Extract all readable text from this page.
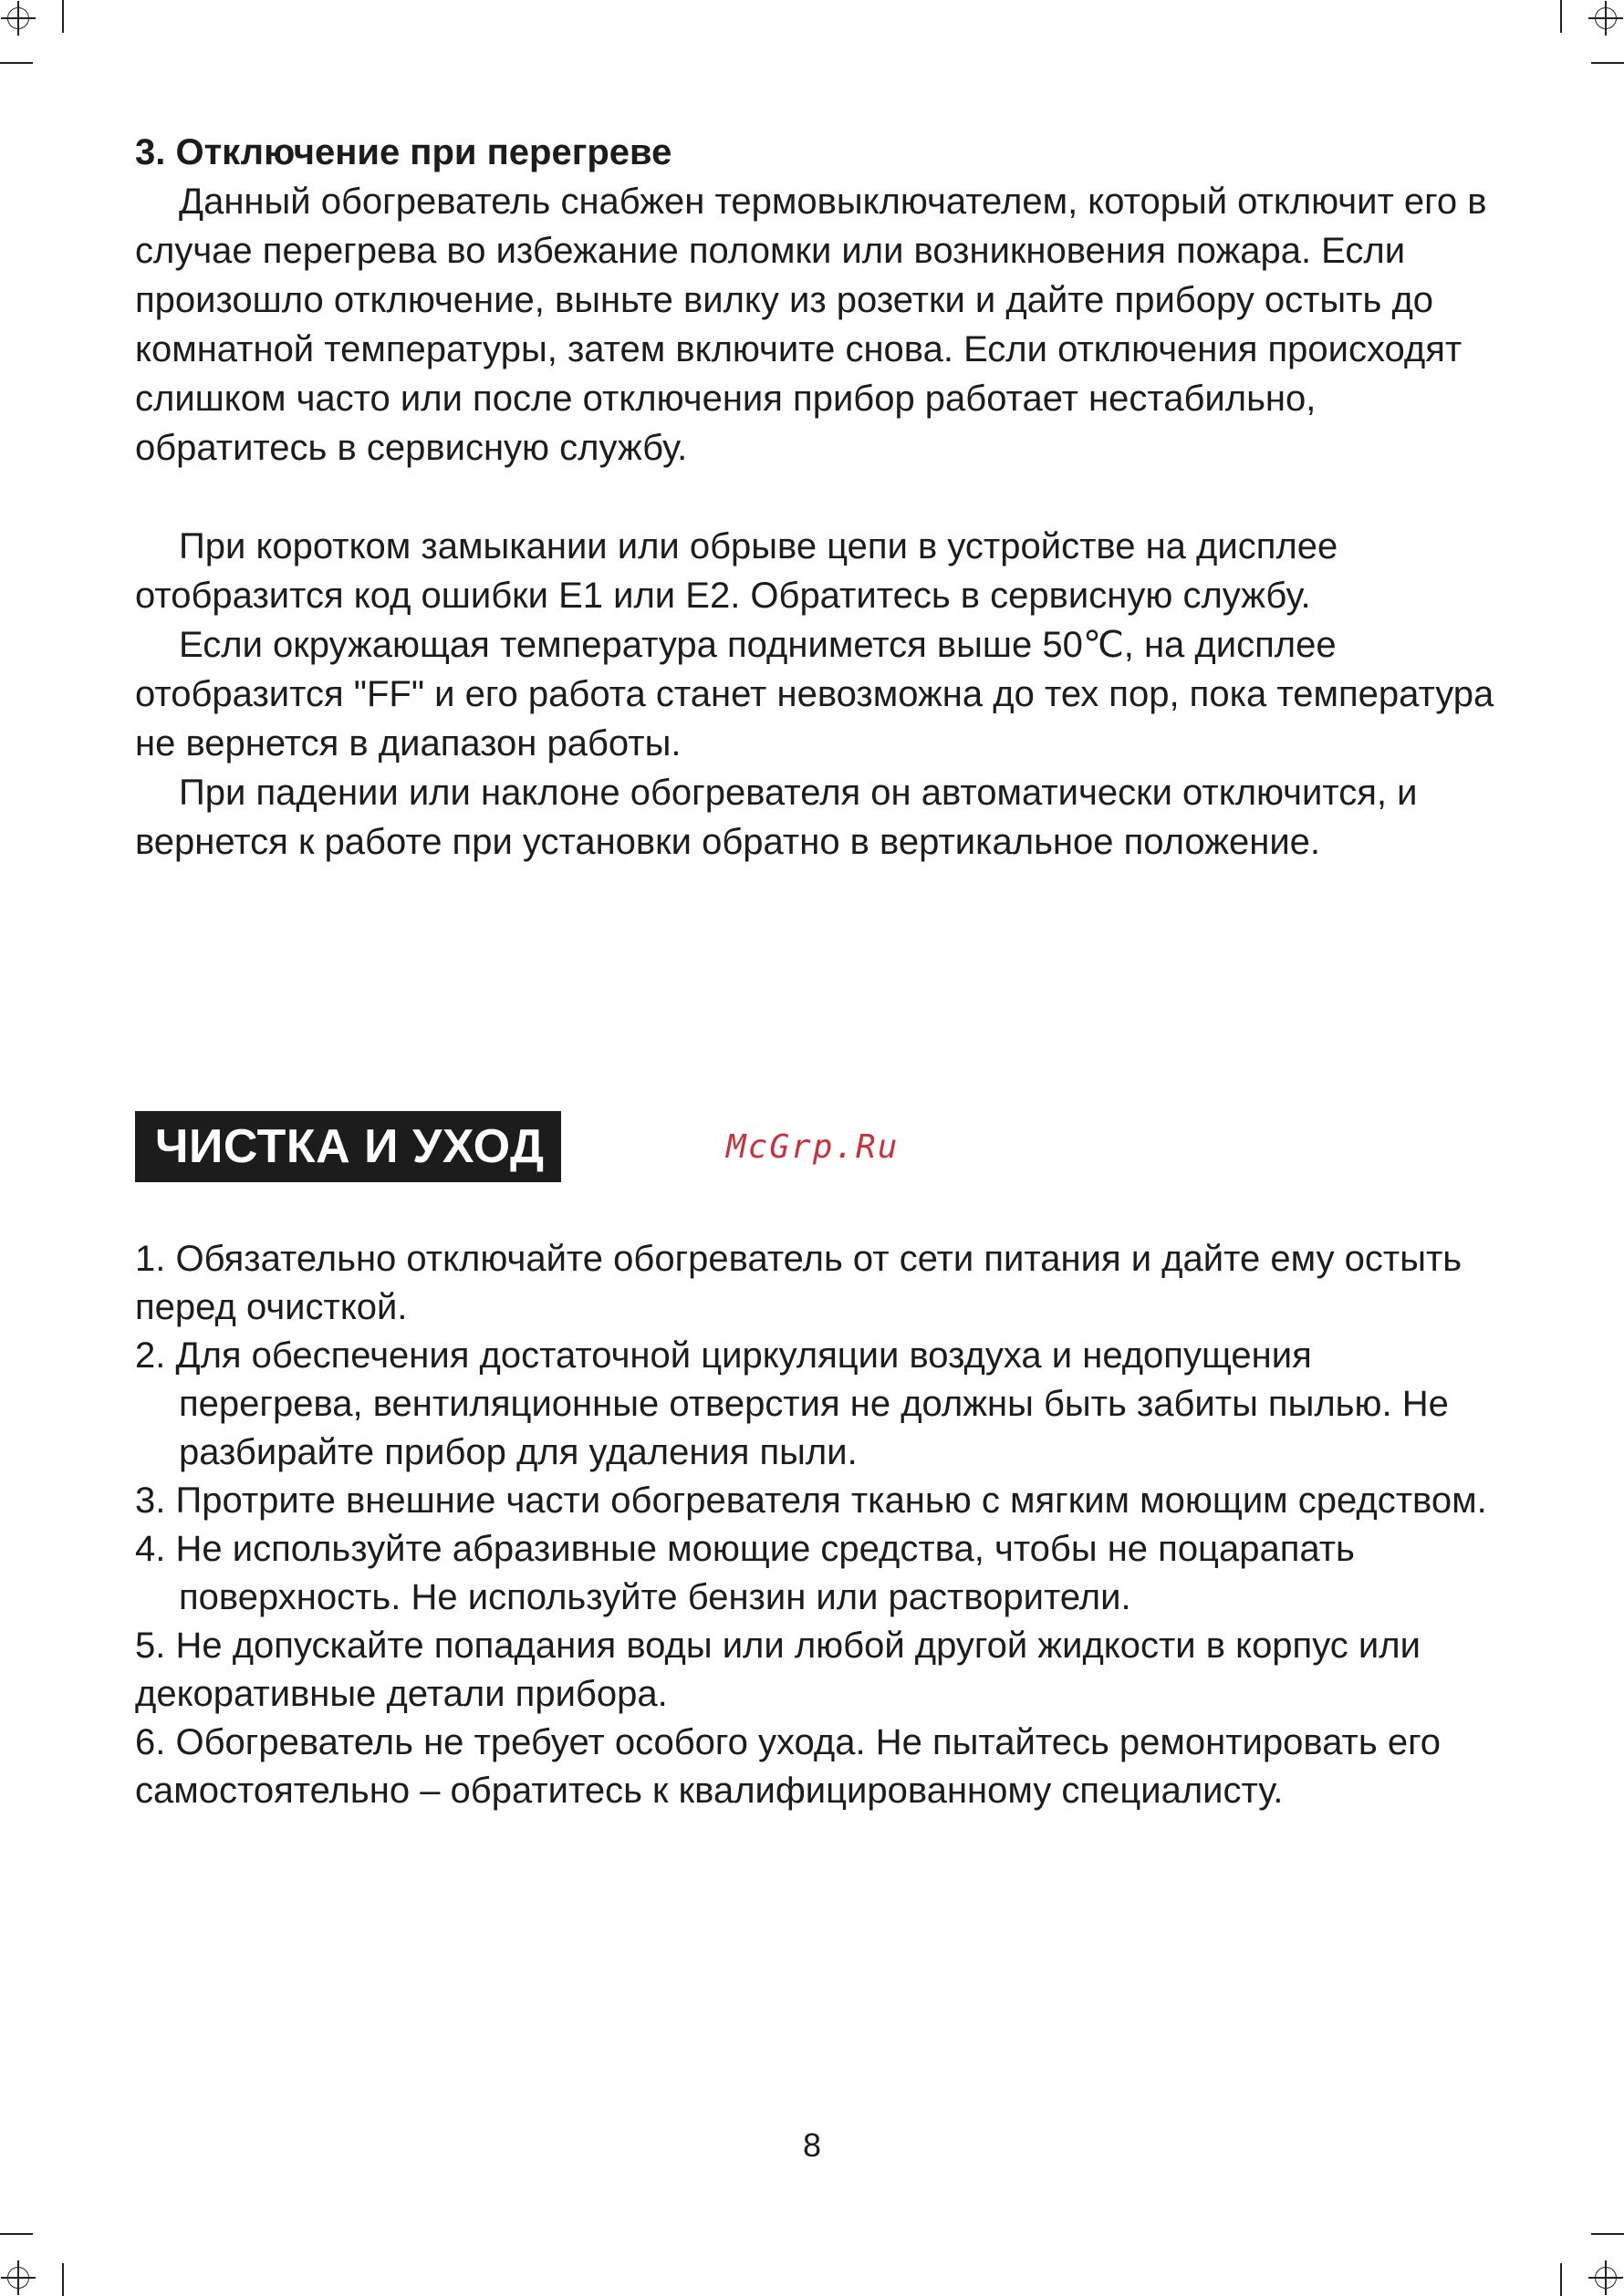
3. Отключение при перегреве

Данный обогреватель снабжен термовыключателем, который отключит его в случае перегрева во избежание поломки или возникновения пожара. Если произошло отключение, выньте вилку из розетки и дайте прибору остыть до комнатной температуры, затем включите снова. Если отключения происходят слишком часто или после отключения прибор работает нестабильно, обратитесь в сервисную службу.

При коротком замыкании или обрыве цепи в устройстве на дисплее отобразится код ошибки Е1 или Е2. Обратитесь в сервисную службу.

Если окружающая температура поднимется выше 50℃, на дисплее отобразится "FF" и его работа станет невозможна до тех пор, пока температура не вернется в диапазон работы.

При падении или наклоне обогревателя он автоматически отключится, и вернется к работе при установки обратно в вертикальное положение.

ЧИСТКА И УХОД	McGrp.Ru

1. Обязательно отключайте обогреватель от сети питания и дайте ему остыть перед очисткой.

2. Для обеспечения достаточной циркуляции воздуха и недопущения перегрева, вентиляционные отверстия не должны быть забиты пылью. Не разбирайте прибор для удаления пыли.

3. Протрите внешние части обогревателя тканью с мягким моющим средством.

4. Не используйте абразивные моющие средства, чтобы не поцарапать поверхность. Не используйте бензин или растворители.

5. Не допускайте попадания воды или любой другой жидкости в корпус или декоративные детали прибора.

6. Обогреватель не требует особого ухода. Не пытайтесь ремонтировать его самостоятельно – обратитесь к квалифицированному специалисту.

8
